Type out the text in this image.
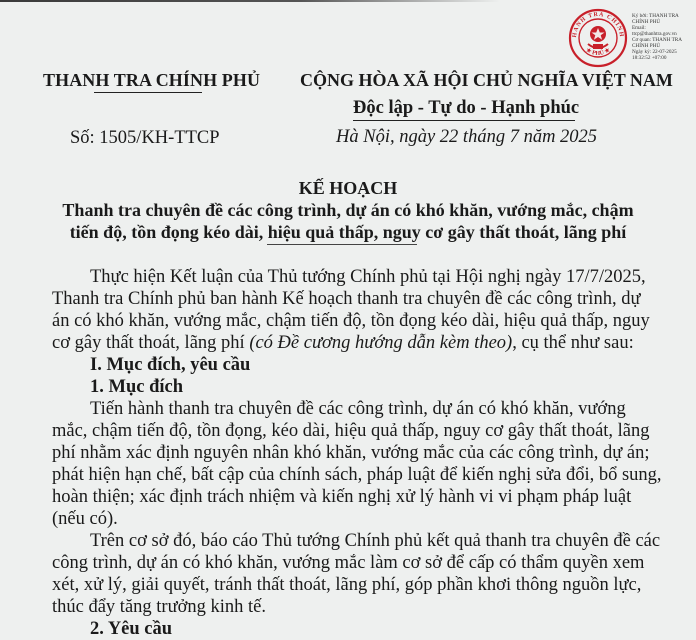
THANH TRA CHÍNH PHỦ
Số: 1505/KH-TTCP
CỘNG HÒA XÃ HỘI CHỦ NGHĨA VIỆT NAM
Độc lập - Tự do - Hạnh phúc
Hà Nội, ngày 22 tháng 7 năm 2025
HANH TRA CHÍNH
★ PHỦ ★
Ký bởi: THANH TRA
CHÍNH PHỦ
Email:
ttcp@thanhtra.gov.vn
Cơ quan: THANH TRA
CHÍNH PHỦ
Ngày ký: 22-07-2025
18:32:52 +07:00
KẾ HOẠCH
Thanh tra chuyên đề các công trình, dự án có khó khăn, vướng mắc, chậm
tiến độ, tồn đọng kéo dài, hiệu quả thấp, nguy cơ gây thất thoát, lãng phí
Thực hiện Kết luận của Thủ tướng Chính phủ tại Hội nghị ngày 17/7/2025,
Thanh tra Chính phủ ban hành Kế hoạch thanh tra chuyên đề các công trình, dự
án có khó khăn, vướng mắc, chậm tiến độ, tồn đọng kéo dài, hiệu quả thấp, nguy
cơ gây thất thoát, lãng phí (có Đề cương hướng dẫn kèm theo), cụ thể như sau:
I. Mục đích, yêu cầu
1. Mục đích
Tiến hành thanh tra chuyên đề các công trình, dự án có khó khăn, vướng
mắc, chậm tiến độ, tồn đọng, kéo dài, hiệu quả thấp, nguy cơ gây thất thoát, lãng
phí nhằm xác định nguyên nhân khó khăn, vướng mắc của các công trình, dự án;
phát hiện hạn chế, bất cập của chính sách, pháp luật để kiến nghị sửa đổi, bổ sung,
hoàn thiện; xác định trách nhiệm và kiến nghị xử lý hành vi vi phạm pháp luật
(nếu có).
Trên cơ sở đó, báo cáo Thủ tướng Chính phủ kết quả thanh tra chuyên đề các
công trình, dự án có khó khăn, vướng mắc làm cơ sở để cấp có thẩm quyền xem
xét, xử lý, giải quyết, tránh thất thoát, lãng phí, góp phần khơi thông nguồn lực,
thúc đẩy tăng trưởng kinh tế.
2. Yêu cầu
